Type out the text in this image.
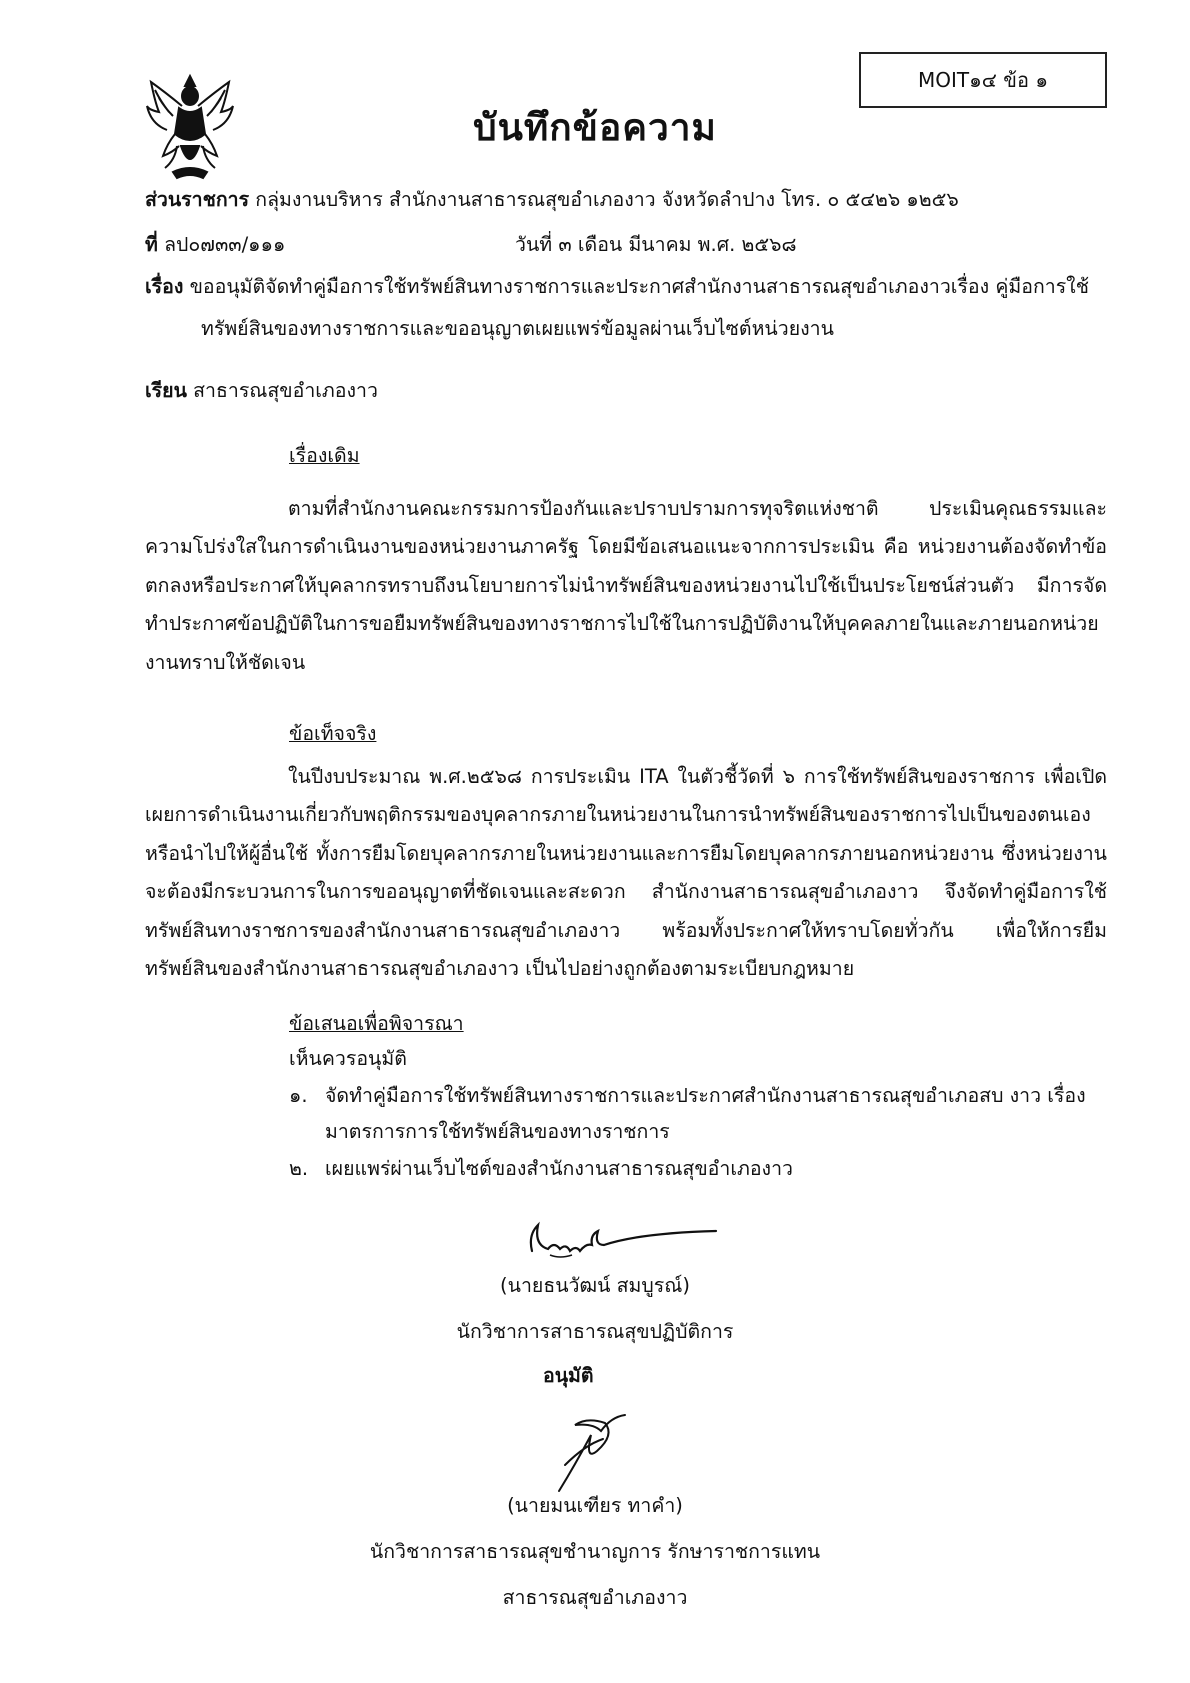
MOIT๑๔ ข้อ ๑
บันทึกข้อความ
ส่วนราชการ กลุ่มงานบริหาร สำนักงานสาธารณสุขอำเภองาว จังหวัดลำปาง โทร. ๐ ๕๔๒๖ ๑๒๕๖
ที่ ลป๐๗๓๓/๑๑๑	วันที่ ๓ เดือน มีนาคม พ.ศ. ๒๕๖๘
เรื่อง ขออนุมัติจัดทำคู่มือการใช้ทรัพย์สินทางราชการและประกาศสำนักงานสาธารณสุขอำเภองาวเรื่อง คู่มือการใช้
ทรัพย์สินของทางราชการและขออนุญาตเผยแพร่ข้อมูลผ่านเว็บไซต์หน่วยงาน
เรียน สาธารณสุขอำเภองาว
เรื่องเดิม
ตามที่สำนักงานคณะกรรมการป้องกันและปราบปรามการทุจริตแห่งชาติ ประเมินคุณธรรมและความโปร่งใสในการดำเนินงานของหน่วยงานภาครัฐ โดยมีข้อเสนอแนะจากการประเมิน คือ หน่วยงานต้องจัดทำข้อตกลงหรือประกาศให้บุคลากรทราบถึงนโยบายการไม่นำทรัพย์สินของหน่วยงานไปใช้เป็นประโยชน์ส่วนตัว มีการจัดทำประกาศข้อปฏิบัติในการขอยืมทรัพย์สินของทางราชการไปใช้ในการปฏิบัติงานให้บุคคลภายในและภายนอกหน่วยงานทราบให้ชัดเจน
ข้อเท็จจริง
ในปีงบประมาณ พ.ศ.๒๕๖๘ การประเมิน ITA ในตัวชี้วัดที่ ๖ การใช้ทรัพย์สินของราชการ เพื่อเปิดเผยการดำเนินงานเกี่ยวกับพฤติกรรมของบุคลากรภายในหน่วยงานในการนำทรัพย์สินของราชการไปเป็นของตนเองหรือนำไปให้ผู้อื่นใช้ ทั้งการยืมโดยบุคลากรภายในหน่วยงานและการยืมโดยบุคลากรภายนอกหน่วยงาน ซึ่งหน่วยงานจะต้องมีกระบวนการในการขออนุญาตที่ชัดเจนและสะดวก สำนักงานสาธารณสุขอำเภองาว จึงจัดทำคู่มือการใช้ทรัพย์สินทางราชการของสำนักงานสาธารณสุขอำเภองาว พร้อมทั้งประกาศให้ทราบโดยทั่วกัน เพื่อให้การยืมทรัพย์สินของสำนักงานสาธารณสุขอำเภองาว เป็นไปอย่างถูกต้องตามระเบียบกฎหมาย
ข้อเสนอเพื่อพิจารณา
เห็นควรอนุมัติ
๑. จัดทำคู่มือการใช้ทรัพย์สินทางราชการและประกาศสำนักงานสาธารณสุขอำเภอสบ งาว เรื่อง
มาตรการการใช้ทรัพย์สินของทางราชการ
๒. เผยแพร่ผ่านเว็บไซต์ของสำนักงานสาธารณสุขอำเภองาว
(นายธนวัฒน์ สมบูรณ์)
นักวิชาการสาธารณสุขปฏิบัติการ
อนุมัติ
(นายมนเฑียร ทาคำ)
นักวิชาการสาธารณสุขชำนาญการ รักษาราชการแทน
สาธารณสุขอำเภองาว
